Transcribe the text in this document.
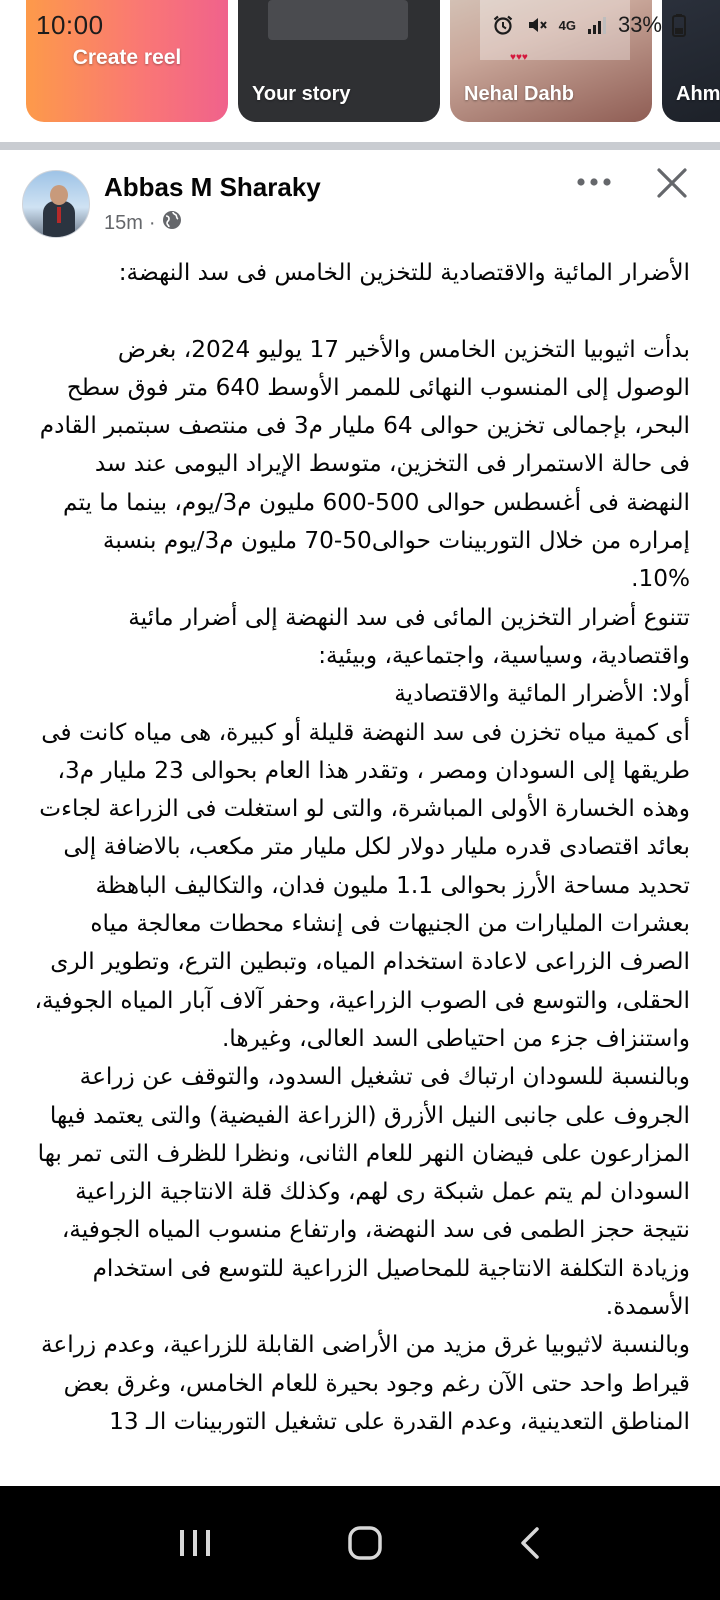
10:00	4G 33%
Create reel
Your story
♥♥♥
Nehal Dahb	Ahm
Abbas M Sharaky
15m ·
الأضرار المائية والاقتصادية للتخزين الخامس فى سد النهضة:
بدأت اثيوبيا التخزين الخامس والأخير 17 يوليو 2024، بغرض
الوصول إلى المنسوب النهائى للممر الأوسط 640 متر فوق سطح
البحر، بإجمالى تخزين حوالى 64 مليار م3 فى منتصف سبتمبر القادم
فى حالة الاستمرار فى التخزين، متوسط الإيراد اليومى عند سد
النهضة فى أغسطس حوالى 500-600 مليون م3/يوم، بينما ما يتم
إمراره من خلال التوربينات حوالى50-70 مليون م3/يوم بنسبة
10%.
تتنوع أضرار التخزين المائى فى سد النهضة إلى أضرار مائية
واقتصادية، وسياسية، واجتماعية، وبيئية:
أولا: الأضرار المائية والاقتصادية
أى كمية مياه تخزن فى سد النهضة قليلة أو كبيرة، هى مياه كانت فى
طريقها إلى السودان ومصر ، وتقدر هذا العام بحوالى 23 مليار م3،
وهذه الخسارة الأولى المباشرة، والتى لو استغلت فى الزراعة لجاءت
بعائد اقتصادى قدره مليار دولار لكل مليار متر مكعب، بالاضافة إلى
تحديد مساحة الأرز بحوالى 1.1 مليون فدان، والتكاليف الباهظة
بعشرات المليارات من الجنيهات فى إنشاء محطات معالجة مياه
الصرف الزراعى لاعادة استخدام المياه، وتبطين الترع، وتطوير الرى
الحقلى، والتوسع فى الصوب الزراعية، وحفر آلاف آبار المياه الجوفية،
واستنزاف جزء من احتياطى السد العالى، وغيرها.
وبالنسبة للسودان ارتباك فى تشغيل السدود، والتوقف عن زراعة
الجروف على جانبى النيل الأزرق (الزراعة الفيضية) والتى يعتمد فيها
المزارعون على فيضان النهر للعام الثانى، ونظرا للظرف التى تمر بها
السودان لم يتم عمل شبكة رى لهم، وكذلك قلة الانتاجية الزراعية
نتيجة حجز الطمى فى سد النهضة، وارتفاع منسوب المياه الجوفية،
وزيادة التكلفة الانتاجية للمحاصيل الزراعية للتوسع فى استخدام
الأسمدة.
وبالنسبة لاثيوبيا غرق مزيد من الأراضى القابلة للزراعية، وعدم زراعة
قيراط واحد حتى الآن رغم وجود بحيرة للعام الخامس، وغرق بعض
المناطق التعدينية، وعدم القدرة على تشغيل التوربينات الـ 13
